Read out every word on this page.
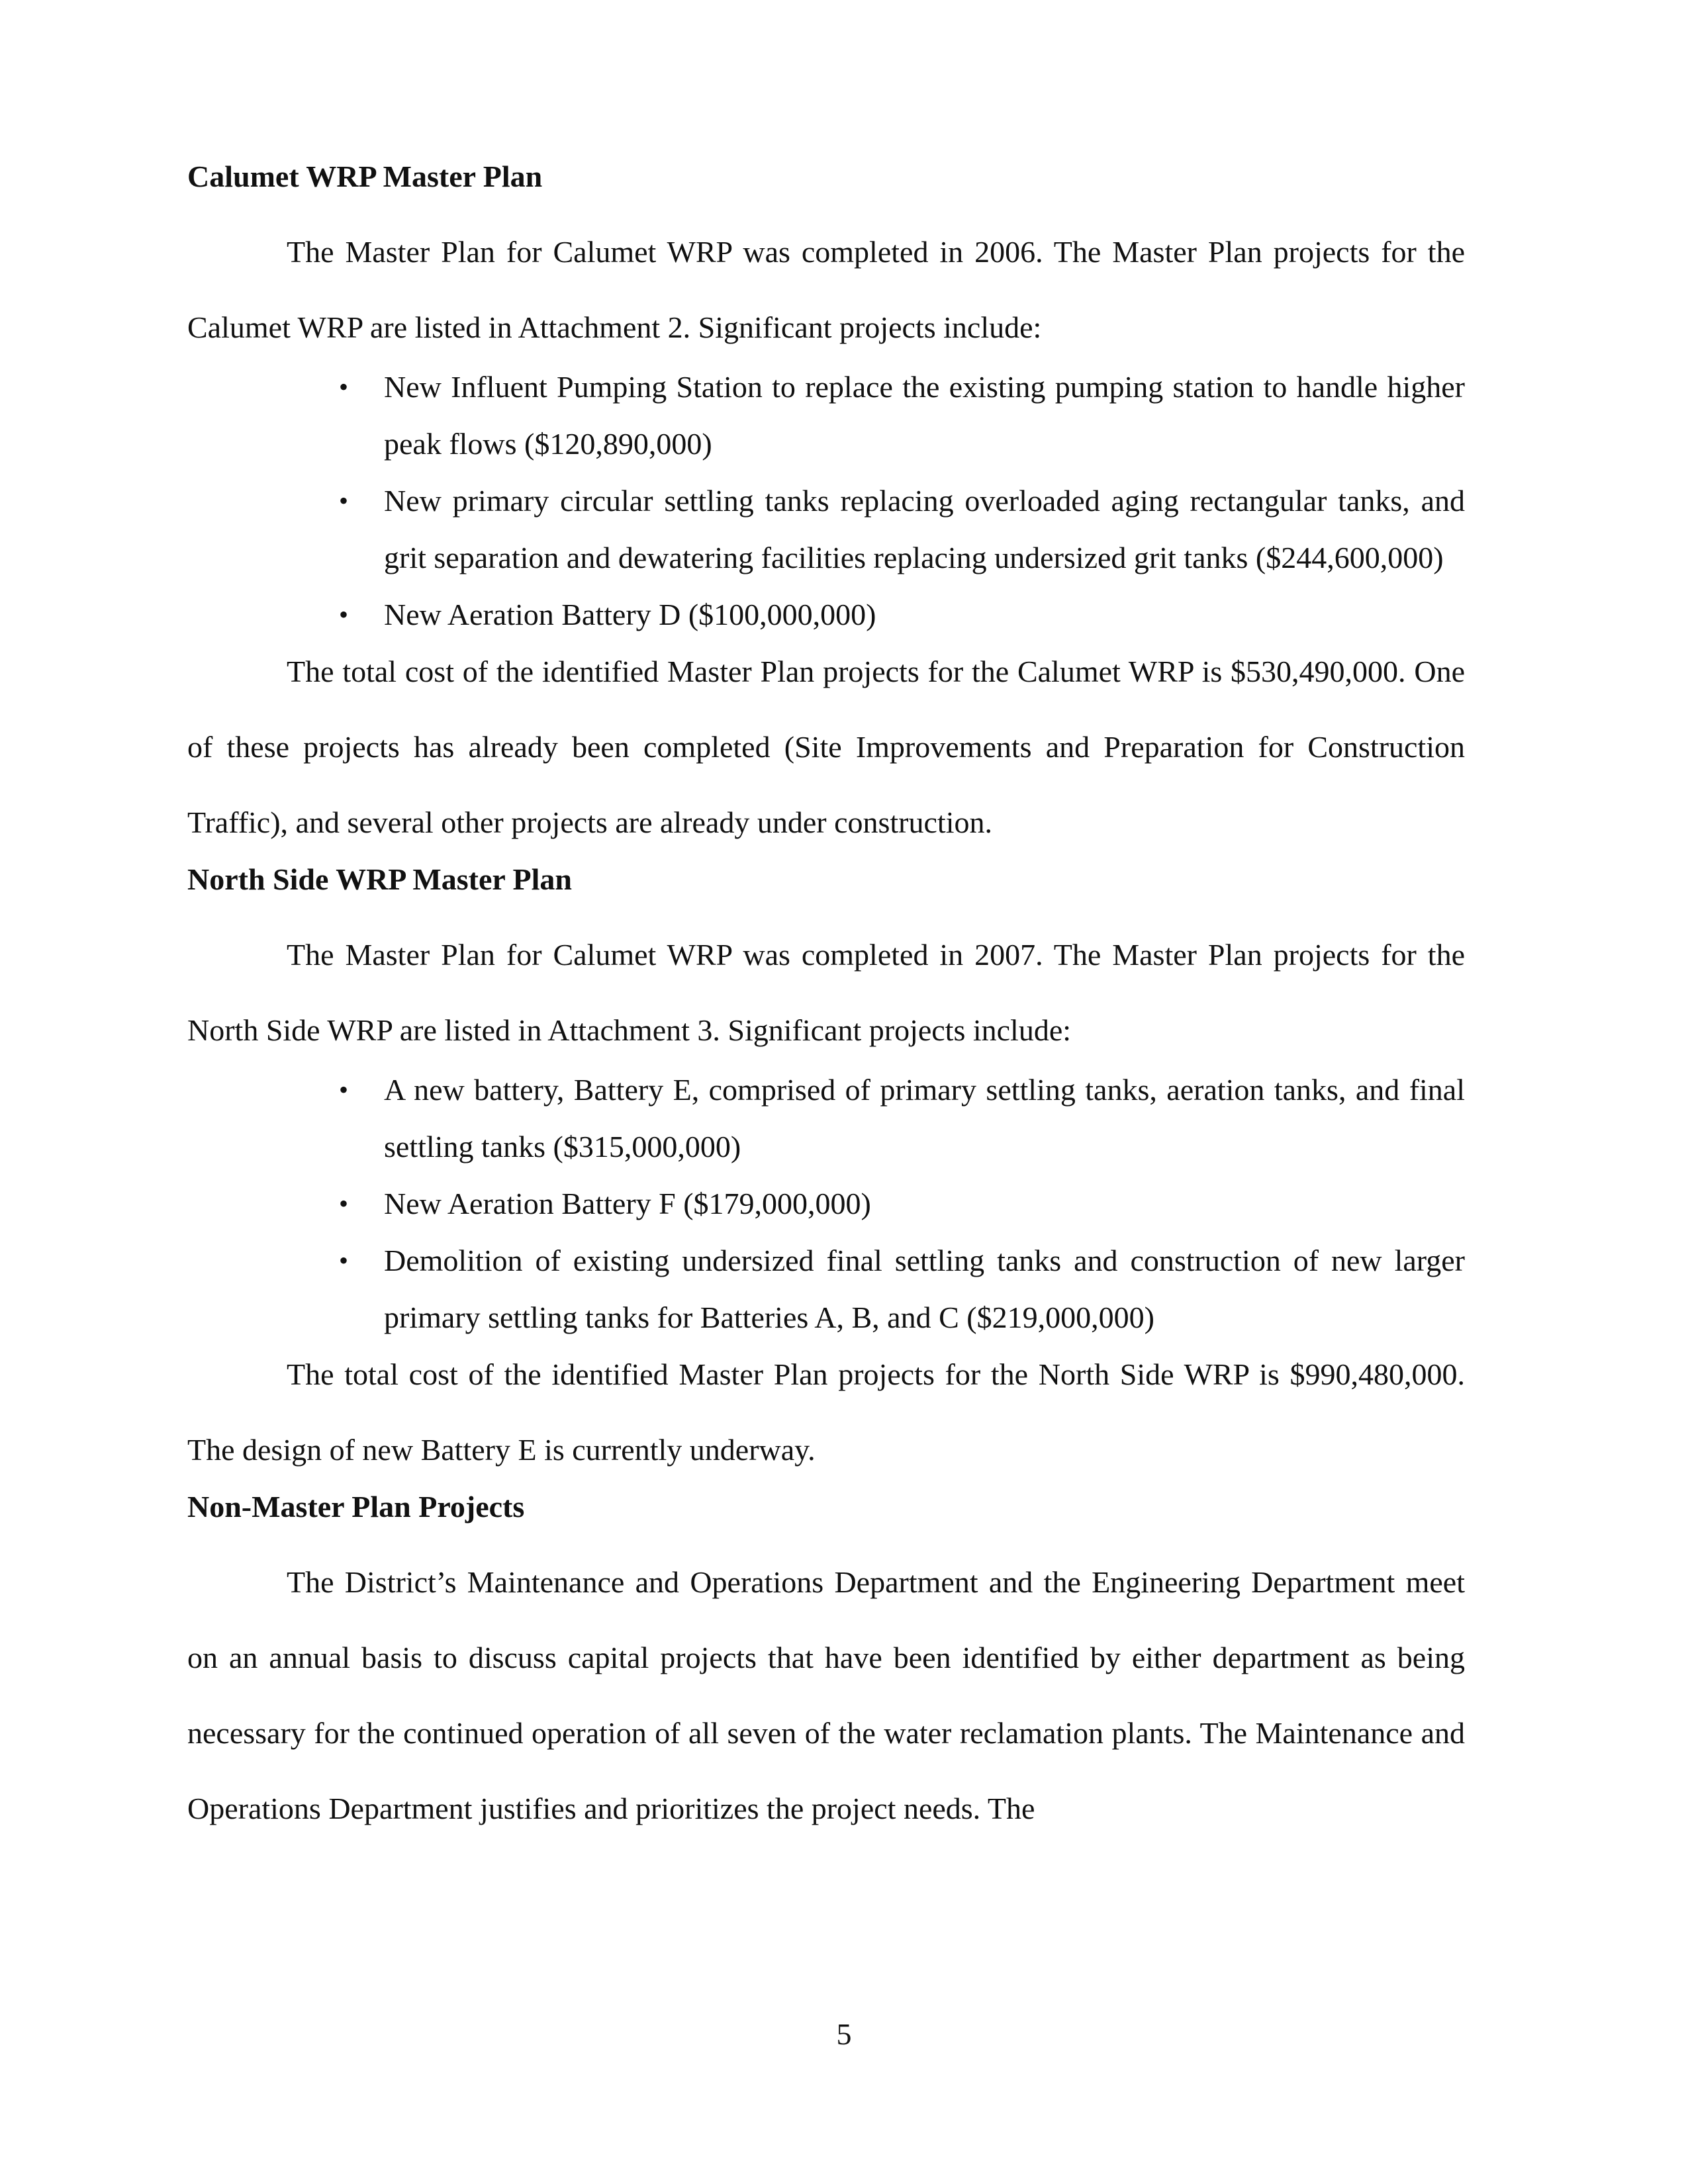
Calumet WRP Master Plan

The Master Plan for Calumet WRP was completed in 2006. The Master Plan projects for the Calumet WRP are listed in Attachment 2. Significant projects include:

• New Influent Pumping Station to replace the existing pumping station to handle higher peak flows ($120,890,000)
• New primary circular settling tanks replacing overloaded aging rectangular tanks, and grit separation and dewatering facilities replacing undersized grit tanks ($244,600,000)
• New Aeration Battery D ($100,000,000)

The total cost of the identified Master Plan projects for the Calumet WRP is $530,490,000. One of these projects has already been completed (Site Improvements and Preparation for Construction Traffic), and several other projects are already under construction.

North Side WRP Master Plan

The Master Plan for Calumet WRP was completed in 2007. The Master Plan projects for the North Side WRP are listed in Attachment 3. Significant projects include:

• A new battery, Battery E, comprised of primary settling tanks, aeration tanks, and final settling tanks ($315,000,000)
• New Aeration Battery F ($179,000,000)
• Demolition of existing undersized final settling tanks and construction of new larger primary settling tanks for Batteries A, B, and C ($219,000,000)

The total cost of the identified Master Plan projects for the North Side WRP is $990,480,000. The design of new Battery E is currently underway.

Non-Master Plan Projects

The District’s Maintenance and Operations Department and the Engineering Department meet on an annual basis to discuss capital projects that have been identified by either department as being necessary for the continued operation of all seven of the water reclamation plants. The Maintenance and Operations Department justifies and prioritizes the project needs. The

5
